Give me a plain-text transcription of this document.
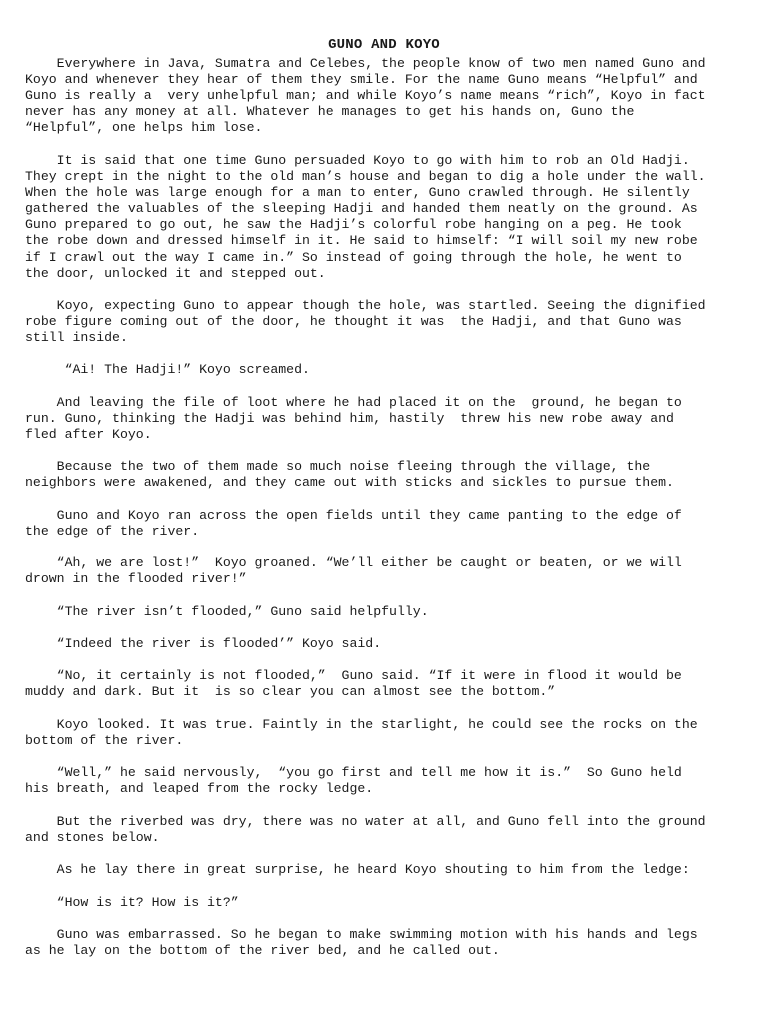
GUNO AND KOYO

Everywhere in Java, Sumatra and Celebes, the people know of two men named Guno and
Koyo and whenever they hear of them they smile. For the name Guno means “Helpful” and
Guno is really a  very unhelpful man; and while Koyo’s name means “rich”, Koyo in fact
never has any money at all. Whatever he manages to get his hands on, Guno the
“Helpful”, one helps him lose.

It is said that one time Guno persuaded Koyo to go with him to rob an Old Hadji.
They crept in the night to the old man’s house and began to dig a hole under the wall.
When the hole was large enough for a man to enter, Guno crawled through. He silently
gathered the valuables of the sleeping Hadji and handed them neatly on the ground. As
Guno prepared to go out, he saw the Hadji’s colorful robe hanging on a peg. He took
the robe down and dressed himself in it. He said to himself: “I will soil my new robe
if I crawl out the way I came in.” So instead of going through the hole, he went to
the door, unlocked it and stepped out.

Koyo, expecting Guno to appear though the hole, was startled. Seeing the dignified
robe figure coming out of the door, he thought it was  the Hadji, and that Guno was
still inside.

“Ai! The Hadji!” Koyo screamed.

And leaving the file of loot where he had placed it on the  ground, he began to
run. Guno, thinking the Hadji was behind him, hastily  threw his new robe away and
fled after Koyo.

Because the two of them made so much noise fleeing through the village, the
neighbors were awakened, and they came out with sticks and sickles to pursue them.

Guno and Koyo ran across the open fields until they came panting to the edge of
the edge of the river.

“Ah, we are lost!”  Koyo groaned. “We’ll either be caught or beaten, or we will
drown in the flooded river!”

“The river isn’t flooded,” Guno said helpfully.

“Indeed the river is flooded’” Koyo said.

“No, it certainly is not flooded,”  Guno said. “If it were in flood it would be
muddy and dark. But it  is so clear you can almost see the bottom.”

Koyo looked. It was true. Faintly in the starlight, he could see the rocks on the
bottom of the river.

“Well,” he said nervously,  “you go first and tell me how it is.”  So Guno held
his breath, and leaped from the rocky ledge.

But the riverbed was dry, there was no water at all, and Guno fell into the ground
and stones below.

As he lay there in great surprise, he heard Koyo shouting to him from the ledge:

“How is it? How is it?”

Guno was embarrassed. So he began to make swimming motion with his hands and legs
as he lay on the bottom of the river bed, and he called out.
